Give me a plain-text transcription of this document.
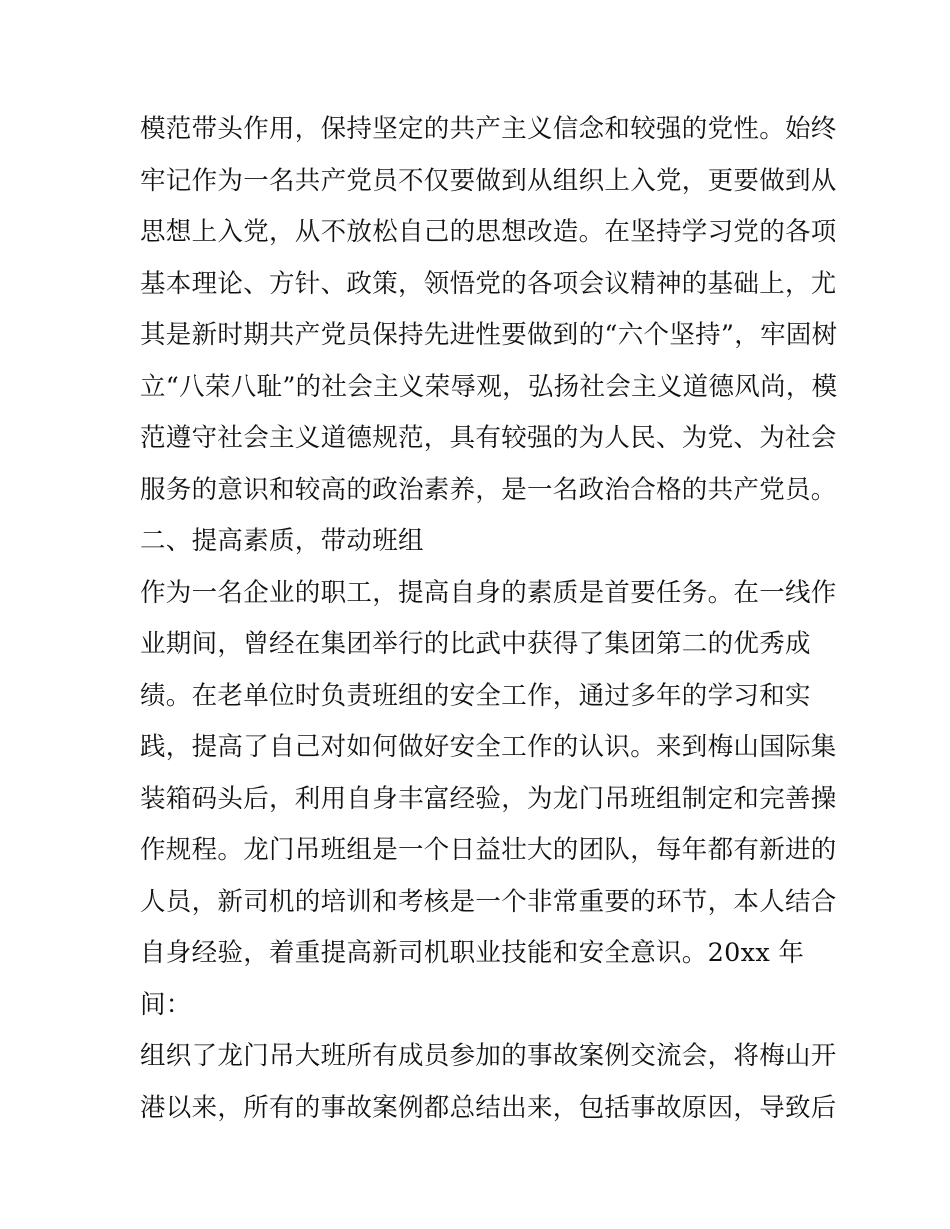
模范带头作用，保持坚定的共产主义信念和较强的党性。始终
牢记作为一名共产党员不仅要做到从组织上入党，更要做到从
思想上入党，从不放松自己的思想改造。在坚持学习党的各项
基本理论、方针、政策，领悟党的各项会议精神的基础上，尤
其是新时期共产党员保持先进性要做到的“六个坚持”，牢固树
立“八荣八耻”的社会主义荣辱观，弘扬社会主义道德风尚，模
范遵守社会主义道德规范，具有较强的为人民、为党、为社会
服务的意识和较高的政治素养，是一名政治合格的共产党员。
二、提高素质，带动班组
作为一名企业的职工，提高自身的素质是首要任务。在一线作
业期间，曾经在集团举行的比武中获得了集团第二的优秀成
绩。在老单位时负责班组的安全工作，通过多年的学习和实
践，提高了自己对如何做好安全工作的认识。来到梅山国际集
装箱码头后，利用自身丰富经验，为龙门吊班组制定和完善操
作规程。龙门吊班组是一个日益壮大的团队，每年都有新进的
人员，新司机的培训和考核是一个非常重要的环节，本人结合
自身经验，着重提高新司机职业技能和安全意识。20xx 年
间：
组织了龙门吊大班所有成员参加的事故案例交流会，将梅山开
港以来，所有的事故案例都总结出来，包括事故原因，导致后
